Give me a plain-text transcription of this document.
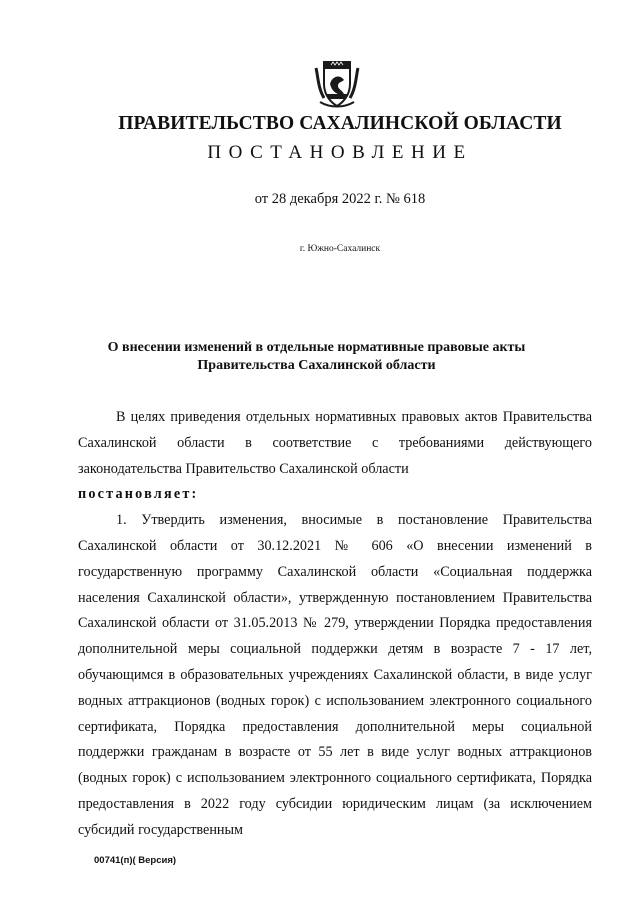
ПРАВИТЕЛЬСТВО САХАЛИНСКОЙ ОБЛАСТИ
ПОСТАНОВЛЕНИЕ
от 28 декабря 2022 г. № 618
г. Южно-Сахалинск
О внесении изменений в отдельные нормативные правовые акты
Правительства Сахалинской области

В целях приведения отдельных нормативных правовых актов Правительства Сахалинской области в соответствие с требованиями действующего законодательства Правительство Сахалинской области
постановляет:

1. Утвердить изменения, вносимые в постановление Правительства Сахалинской области от 30.12.2021 № 606 «О внесении изменений в государственную программу Сахалинской области «Социальная поддержка населения Сахалинской области», утвержденную постановлением Правительства Сахалинской области от 31.05.2013 № 279, утверждении Порядка предоставления дополнительной меры социальной поддержки детям в возрасте 7 - 17 лет, обучающимся в образовательных учреждениях Сахалинской области, в виде услуг водных аттракционов (водных горок) с использованием электронного социального сертификата, Порядка предоставления дополнительной меры социальной поддержки гражданам в возрасте от 55 лет в виде услуг водных аттракционов (водных горок) с использованием электронного социального сертификата, Порядка предоставления в 2022 году субсидии юридическим лицам (за исключением субсидий государственным

00741(п)( Версия)
